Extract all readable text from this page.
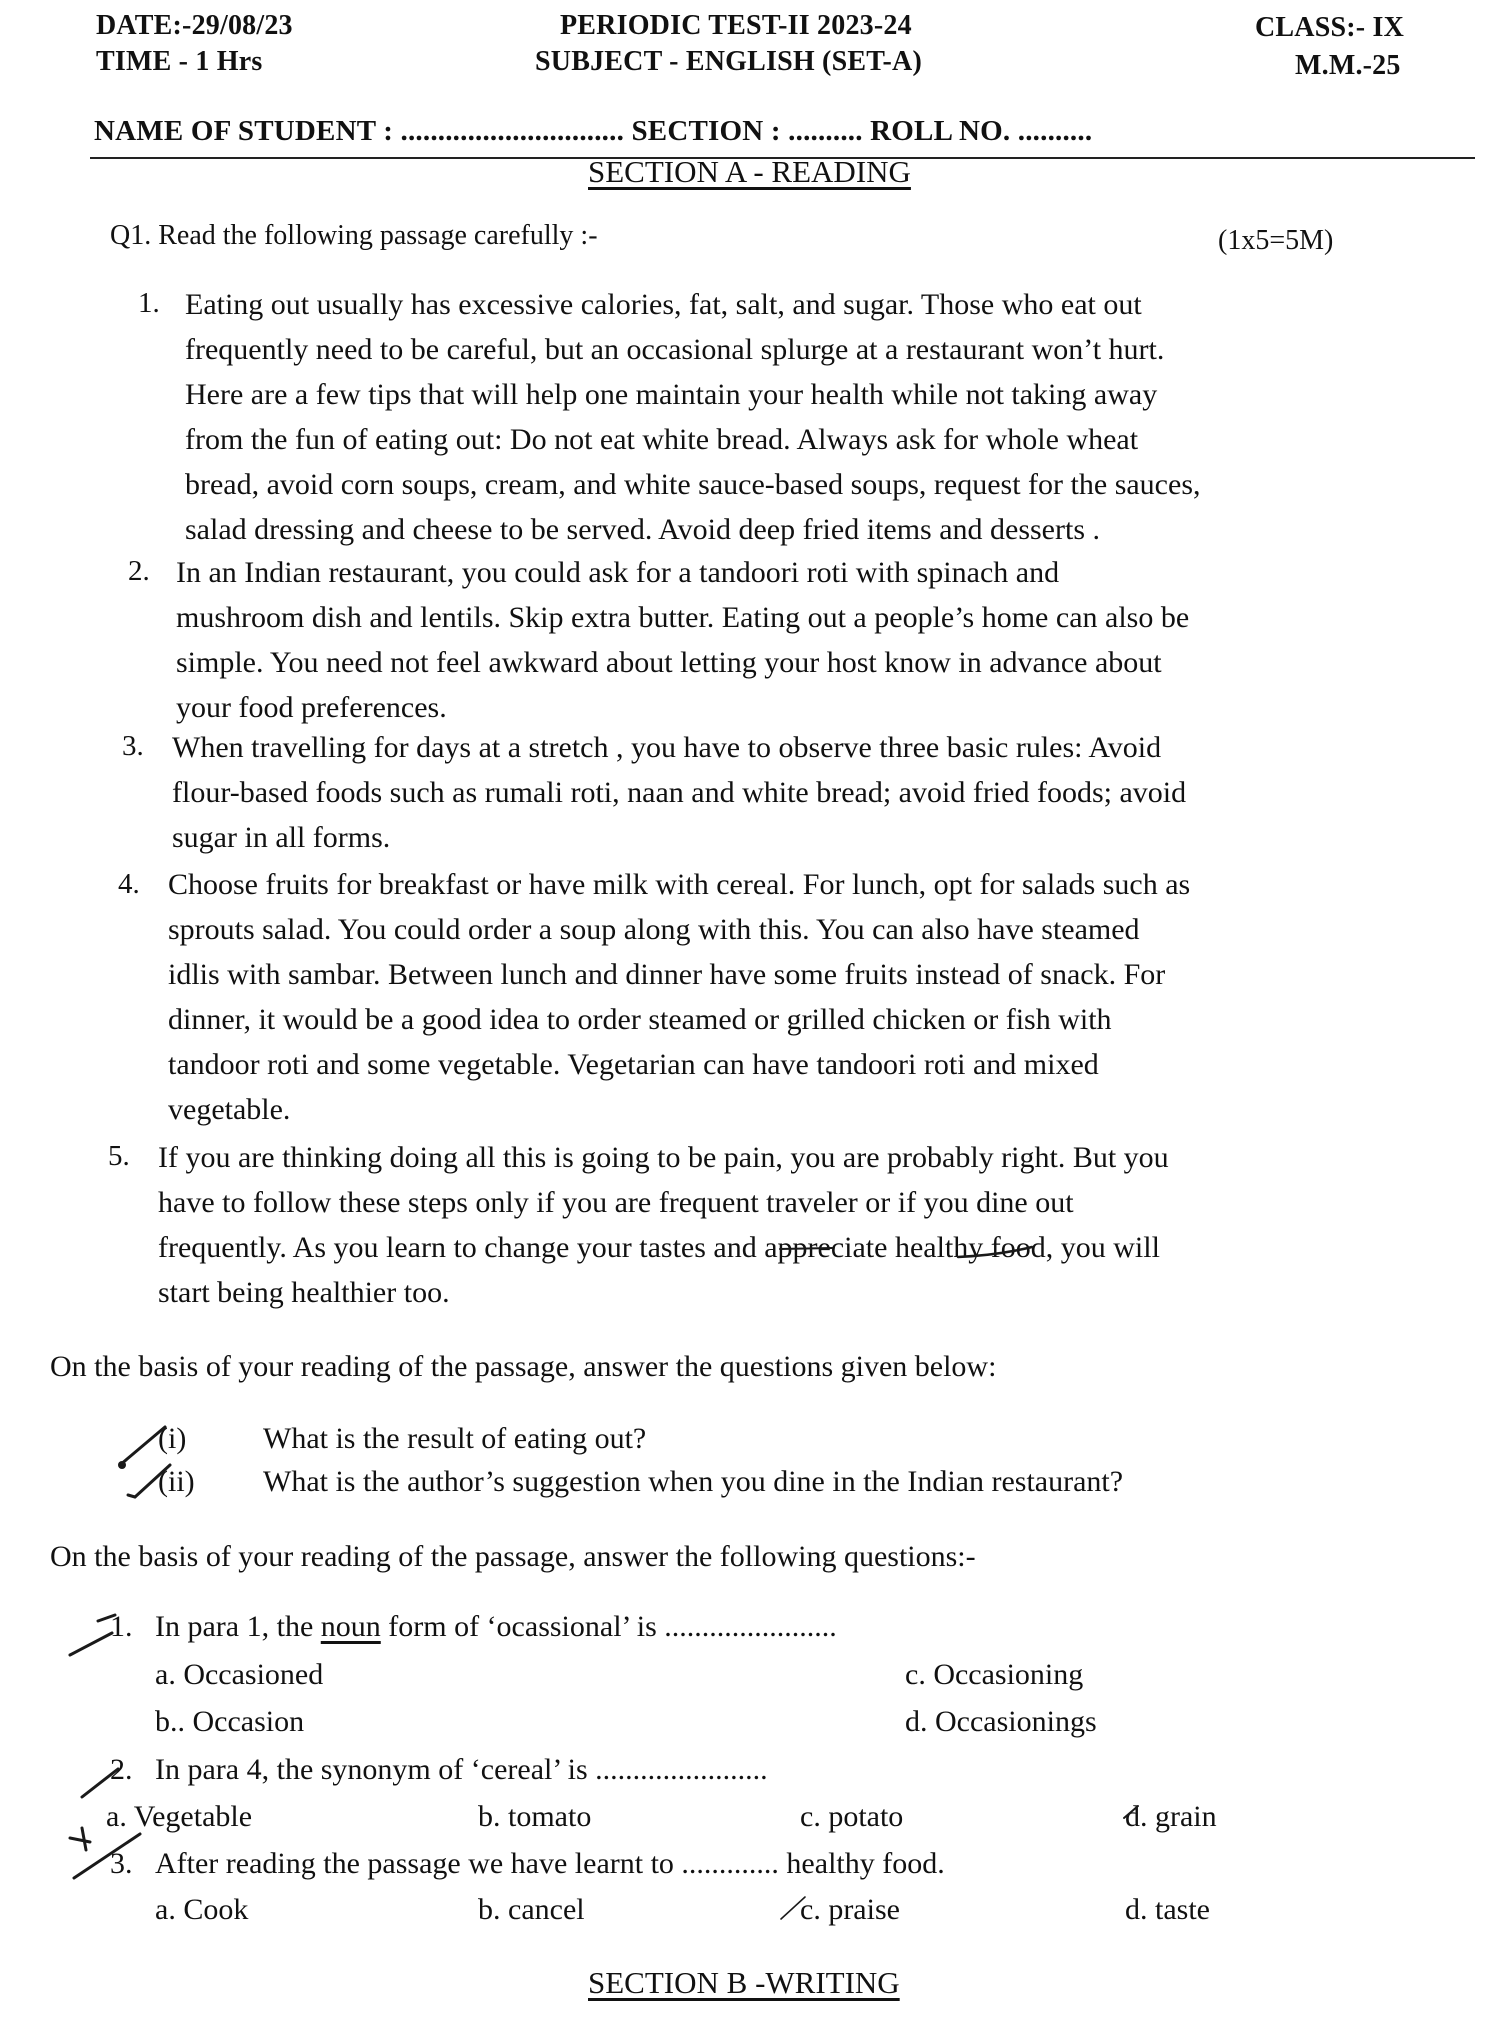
DATE:-29/08/23
TIME - 1 Hrs
PERIODIC TEST-II 2023-24
SUBJECT - ENGLISH (SET-A)
CLASS:- IX
M.M.-25
NAME OF STUDENT : .............................. SECTION : .......... ROLL NO. ..........
SECTION A - READING
Q1. Read the following passage carefully :-	(1x5=5M)
1. Eating out usually has excessive calories, fat, salt, and sugar. Those who eat out
frequently need to be careful, but an occasional splurge at a restaurant won’t hurt.
Here are a few tips that will help one maintain your health while not taking away
from the fun of eating out: Do not eat white bread. Always ask for whole wheat
bread, avoid corn soups, cream, and white sauce-based soups, request for the sauces,
salad dressing and cheese to be served. Avoid deep fried items and desserts .
2. In an Indian restaurant, you could ask for a tandoori roti with spinach and
mushroom dish and lentils. Skip extra butter. Eating out a people’s home can also be
simple. You need not feel awkward about letting your host know in advance about
your food preferences.
3. When travelling for days at a stretch , you have to observe three basic rules: Avoid
flour-based foods such as rumali roti, naan and white bread; avoid fried foods; avoid
sugar in all forms.
4. Choose fruits for breakfast or have milk with cereal. For lunch, opt for salads such as
sprouts salad. You could order a soup along with this. You can also have steamed
idlis with sambar. Between lunch and dinner have some fruits instead of snack. For
dinner, it would be a good idea to order steamed or grilled chicken or fish with
tandoor roti and some vegetable. Vegetarian can have tandoori roti and mixed
vegetable.
5. If you are thinking doing all this is going to be pain, you are probably right. But you
have to follow these steps only if you are frequent traveler or if you dine out
frequently. As you learn to change your tastes and appreciate healthy food, you will
start being healthier too.
On the basis of your reading of the passage, answer the questions given below:
(i)	What is the result of eating out?
(ii) What is the author’s suggestion when you dine in the Indian restaurant?
On the basis of your reading of the passage, answer the following questions:-
1. In para 1, the noun form of ‘ocassional’ is .......................
a. Occasioned	c. Occasioning
b.. Occasion	d. Occasionings
2. In para 4, the synonym of ‘cereal’ is .......................
a. Vegetable	b. tomato	c. potato	d. grain
3. After reading the passage we have learnt to ............. healthy food.
a. Cook	b. cancel	c. praise	d. taste
SECTION B -WRITING
